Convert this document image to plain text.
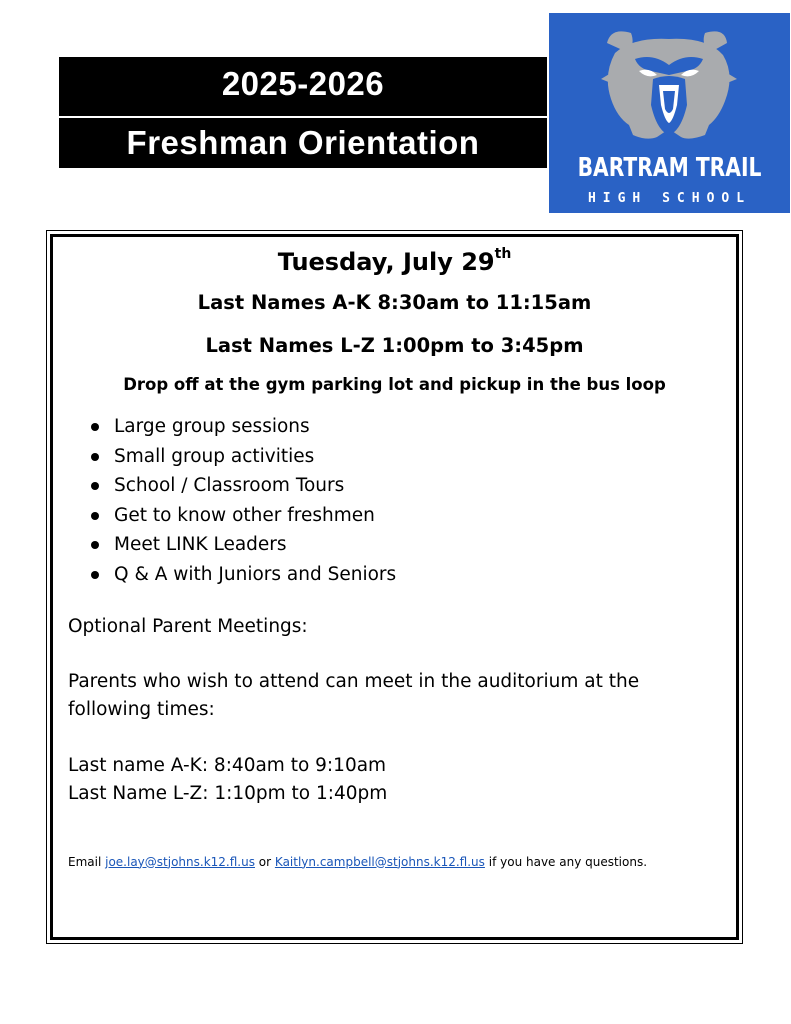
2025-2026
Freshman Orientation
BARTRAM TRAIL
HIGH SCHOOL
Tuesday, July 29th
Last Names A-K 8:30am to 11:15am
Last Names L-Z 1:00pm to 3:45pm
Drop off at the gym parking lot and pickup in the bus loop
Large group sessions
Small group activities
School / Classroom Tours
Get to know other freshmen
Meet LINK Leaders
Q & A with Juniors and Seniors
Optional Parent Meetings:
Parents who wish to attend can meet in the auditorium at the following times:
Last name A-K: 8:40am to 9:10am
Last Name L-Z: 1:10pm to 1:40pm
Email joe.lay@stjohns.k12.fl.us or Kaitlyn.campbell@stjohns.k12.fl.us if you have any questions.
